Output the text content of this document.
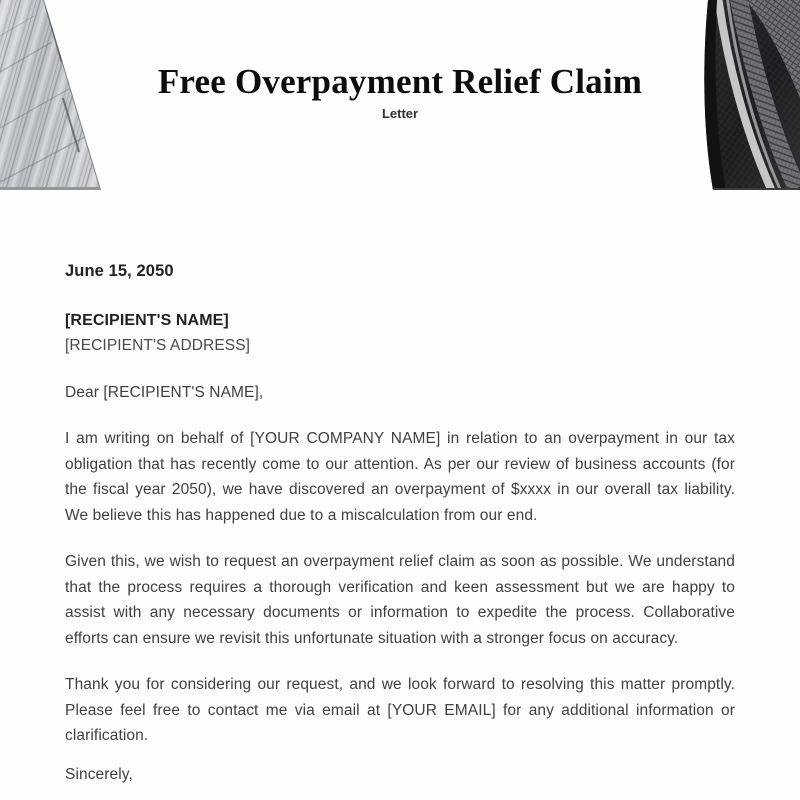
Free Overpayment Relief Claim
Letter
June 15, 2050
[RECIPIENT'S NAME]
[RECIPIENT'S ADDRESS]
Dear [RECIPIENT'S NAME],

I am writing on behalf of [YOUR COMPANY NAME] in relation to an overpayment in our tax obligation that has recently come to our attention. As per our review of business accounts (for the fiscal year 2050), we have discovered an overpayment of $xxxx in our overall tax liability. We believe this has happened due to a miscalculation from our end.

Given this, we wish to request an overpayment relief claim as soon as possible. We understand that the process requires a thorough verification and keen assessment but we are happy to assist with any necessary documents or information to expedite the process. Collaborative efforts can ensure we revisit this unfortunate situation with a stronger focus on accuracy.

Thank you for considering our request, and we look forward to resolving this matter promptly. Please feel free to contact me via email at [YOUR EMAIL] for any additional information or clarification.

Sincerely,
